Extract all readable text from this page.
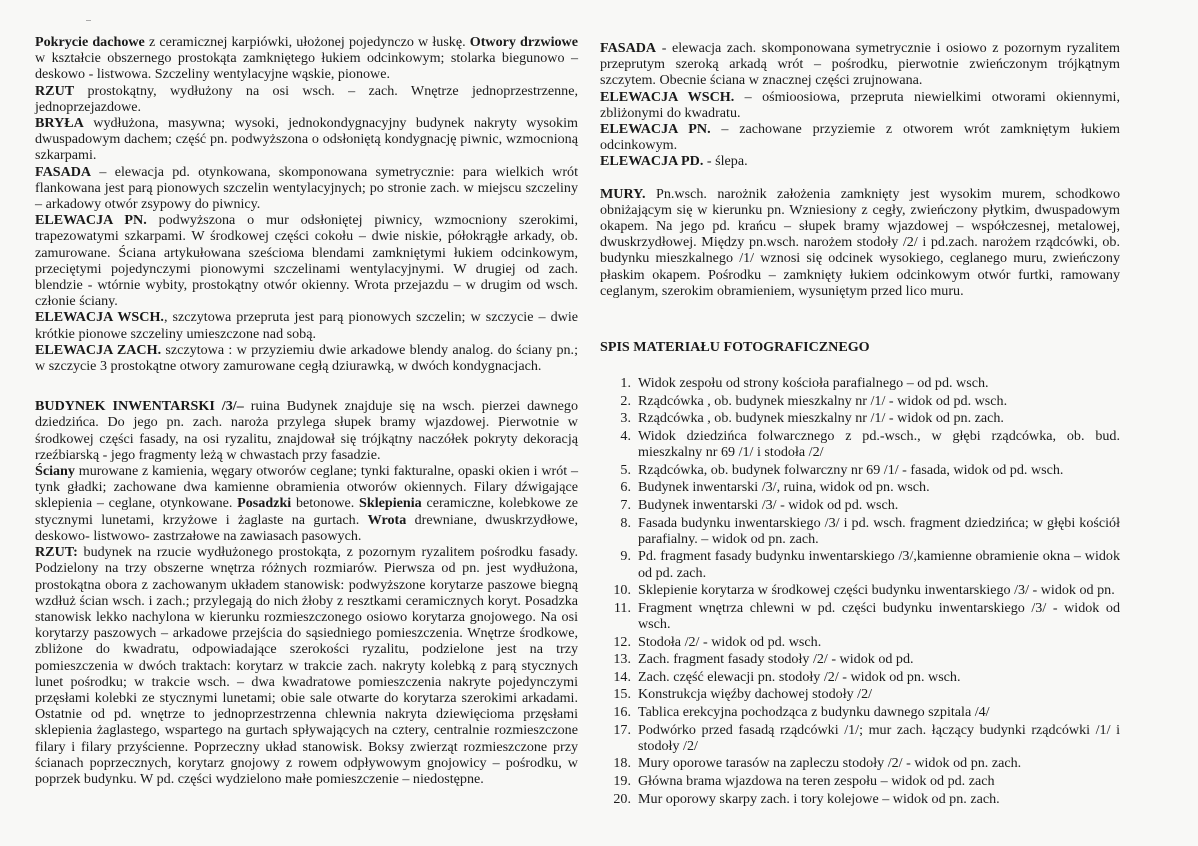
Pokrycie dachowe z ceramicznej karpiówki, ułożonej pojedynczo w łuskę. Otwory drzwiowe w kształcie obszernego prostokąta zamkniętego łukiem odcinkowym; stolarka biegunowo – deskowo - listwowa. Szczeliny wentylacyjne wąskie, pionowe.

RZUT prostokątny, wydłużony na osi wsch. – zach. Wnętrze jednoprzestrzenne, jednoprzejazdowe.

BRYŁA wydłużona, masywna; wysoki, jednokondygnacyjny budynek nakryty wysokim dwuspadowym dachem; część pn. podwyższona o odsłoniętą kondygnację piwnic, wzmocnioną szkarpami.

FASADA – elewacja pd. otynkowana, skomponowana symetrycznie: para wielkich wrót flankowana jest parą pionowych szczelin wentylacyjnych; po stronie zach. w miejscu szczeliny – arkadowy otwór zsypowy do piwnicy.

ELEWACJA PN. podwyższona o mur odsłoniętej piwnicy, wzmocniony szerokimi, trapezowatymi szkarpami. W środkowej części cokołu – dwie niskie, półokrągłe arkady, ob. zamurowane. Ściana artykułowana sześciома blendami zamkniętymi łukiem odcinkowym, przeciętymi pojedynczymi pionowymi szczelinami wentylacyjnymi. W drugiej od zach. blendzie - wtórnie wybity, prostokątny otwór okienny. Wrota przejazdu – w drugim od wsch. członie ściany.

ELEWACJA WSCH., szczytowa przeprutа jest parą pionowych szczelin; w szczycie – dwie krótkie pionowe szczeliny umieszczone nad sobą.

ELEWACJA ZACH. szczytowa : w przyziemiu dwie arkadowe blendy analog. do ściany pn.; w szczycie 3 prostokątne otwory zamurowane cegłą dziurawką, w dwóch kondygnacjach.

BUDYNEK INWENTARSKI /3/– ruina Budynek znajduje się na wsch. pierzei dawnego dziedzińca. Do jego pn. zach. naroża przylega słupek bramy wjazdowej. Pierwotnie w środkowej części fasady, na osi ryzalitu, znajdował się trójkątny naczółek pokryty dekoracją rzeźbiarską - jego fragmenty leżą w chwastach przy fasadzie.

Ściany murowane z kamienia, węgary otworów ceglane; tynki fakturalne, opaski okien i wrót – tynk gładki; zachowane dwa kamienne obramienia otworów okiennych. Filary dźwigające sklepienia – ceglane, otynkowane. Posadzki betonowe. Sklepienia ceramiczne, kolebkowe ze stycznymi lunetami, krzyżowe i żaglaste na gurtach. Wrota drewniane, dwuskrzydłowe, deskowo- listwowo- zastrzałowe na zawiasach pasowych.

RZUT: budynek na rzucie wydłużonego prostokąta, z pozornym ryzalitem pośrodku fasady. Podzielony na trzy obszerne wnętrza różnych rozmiarów. Pierwsza od pn. jest wydłużona, prostokątna obora z zachowanym układem stanowisk: podwyższone korytarze paszowe biegną wzdłuż ścian wsch. i zach.; przylegają do nich żłoby z resztkami ceramicznych koryt. Posadzka stanowisk lekko nachylona w kierunku rozmieszczonego osiowo korytarza gnojowego. Na osi korytarzy paszowych – arkadowe przejścia do sąsiedniego pomieszczenia. Wnętrze środkowe, zbliżone do kwadratu, odpowiadające szerokości ryzalitu, podzielone jest na trzy pomieszczenia w dwóch traktach: korytarz w trakcie zach. nakryty kolebką z parą stycznych lunet pośrodku; w trakcie wsch. – dwa kwadratowe pomieszczenia nakryte pojedynczymi przęsłami kolebki ze stycznymi lunetami; obie sale otwarte do korytarza szerokimi arkadami. Ostatnie od pd. wnętrze to jednoprzestrzenna chlewnia nakryta dziewięcioma przęsłami sklepienia żaglastego, wspartego na gurtach spływających na cztery, centralnie rozmieszczone filary i filary przyścienne. Poprzeczny układ stanowisk. Boksy zwierząt rozmieszczone przy ścianach poprzecznych, korytarz gnojowy z rowem odpływowym gnojowicy – pośrodku, w poprzek budynku. W pd. części wydzielono małe pomieszczenie – niedostępne.

FASADA - elewacja zach. skomponowana symetrycznie i osiowo z pozornym ryzalitem przeprutym szeroką arkadą wrót – pośrodku, pierwotnie zwieńczonym trójkątnym szczytem. Obecnie ściana w znacznej części zrujnowana.

ELEWACJA WSCH. – ośmioosiowa, przepruta niewielkimi otworami okiennymi, zbliżonymi do kwadratu.

ELEWACJA PN. – zachowane przyziemie z otworem wrót zamkniętym łukiem odcinkowym.

ELEWACJA PD. - ślepa.

MURY. Pn.wsch. narożnik założenia zamknięty jest wysokim murem, schodkowo obniżającym się w kierunku pn. Wzniesiony z cegły, zwieńczony płytkim, dwuspadowym okapem. Na jego pd. krańcu – słupek bramy wjazdowej – współczesnej, metalowej, dwuskrzydłowej. Między pn.wsch. narożem stodoły /2/ i pd.zach. narożem rządcówki, ob. budynku mieszkalnego /1/ wznosi się odcinek wysokiego, ceglanego muru, zwieńczony płaskim okapem. Pośrodku – zamknięty łukiem odcinkowym otwór furtki, ramowany ceglanym, szerokim obramieniem, wysuniętym przed lico muru.

SPIS MATERIAŁU FOTOGRAFICZNEGO

1. Widok zespołu od strony kościoła parafialnego – od pd. wsch.
2. Rządcówka , ob. budynek mieszkalny nr /1/ - widok od pd. wsch.
3. Rządcówka , ob. budynek mieszkalny nr /1/ - widok od pn. zach.
4. Widok dziedzińca folwarcznego z pd.-wsch., w głębi rządcówka, ob. bud. mieszkalny nr 69 /1/ i stodoła /2/
5. Rządcówka, ob. budynek folwarczny nr 69 /1/ - fasada, widok od pd. wsch.
6. Budynek inwentarski /3/, ruina, widok od pn. wsch.
7. Budynek inwentarski /3/ - widok od pd. wsch.
8. Fasada budynku inwentarskiego /3/ i pd. wsch. fragment dziedzińca; w głębi kościół parafialny. – widok od pn. zach.
9. Pd. fragment fasady budynku inwentarskiego /3/,kamienne obramienie okna – widok od pd. zach.
10. Sklepienie korytarza w środkowej części budynku inwentarskiego /3/ - widok od pn.
11. Fragment wnętrza chlewni w pd. części budynku inwentarskiego /3/ - widok od wsch.
12. Stodoła /2/ - widok od pd. wsch.
13. Zach. fragment fasady stodoły /2/ - widok od pd.
14. Zach. część elewacji pn. stodoły /2/ - widok od pn. wsch.
15. Konstrukcja więźby dachowej stodoły /2/
16. Tablica erekcyjna pochodząca z budynku dawnego szpitala /4/
17. Podwórko przed fasadą rządcówki /1/; mur zach. łączący budynki rządcówki /1/ i stodoły /2/
18. Mury oporowe tarasów na zapleczu stodoły /2/ - widok od pn. zach.
19. Główna brama wjazdowa na teren zespołu – widok od pd. zach
20. Mur oporowy skarpy zach. i tory kolejowe – widok od pn. zach.
